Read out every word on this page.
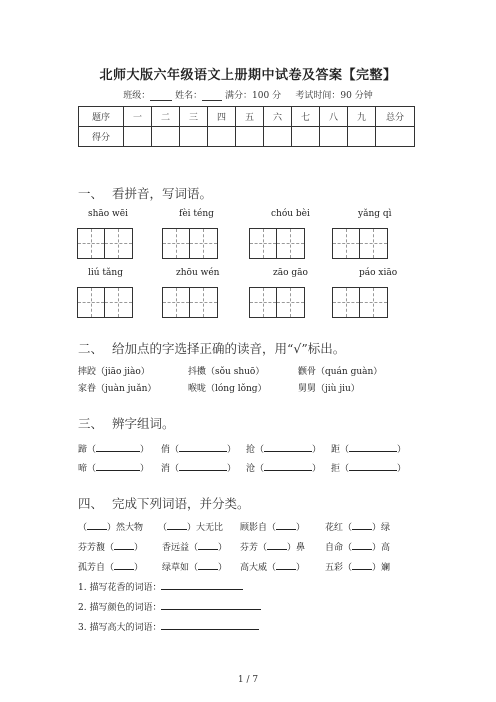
北师大版六年级语文上册期中试卷及答案【完整】
班级：	姓名：	满分：100 分 考试时间：90 分钟
题序	一	二	三	四	五	六	七	八	九	总分
得分										
一、 看拼音，写词语。
shāo wēi	fèi téng	chóu bèi	yǎng qì
liú tǎng	zhōu wén	zāo gāo	páo xiāo
二、 给加点的字选择正确的读音，用“√”标出。
摔跤（jiāo jiào）	抖擞（sǒu shuō）	颧骨（quán guàn）
家眷（juàn juǎn）	喉咙（lóng lǒng）	舅舅（jiù jiu）
三、 辨字组词。
蹄（	） 俏（	） 抢（	） 距（	）
啼（	） 消（	） 沧（	） 拒（	）
四、 完成下列词语，并分类。
（ ）然大物 （ ）大无比 顾影自（ ） 花红（ ）绿
芬芳馥（ ） 香远益（ ） 芬芳（ ）鼻 自命（ ）高
孤芳自（ ） 绿草如（ ） 高大威（ ） 五彩（ ）斓
1. 描写花香的词语：
2. 描写颜色的词语：
3. 描写高大的词语：
1 / 7
